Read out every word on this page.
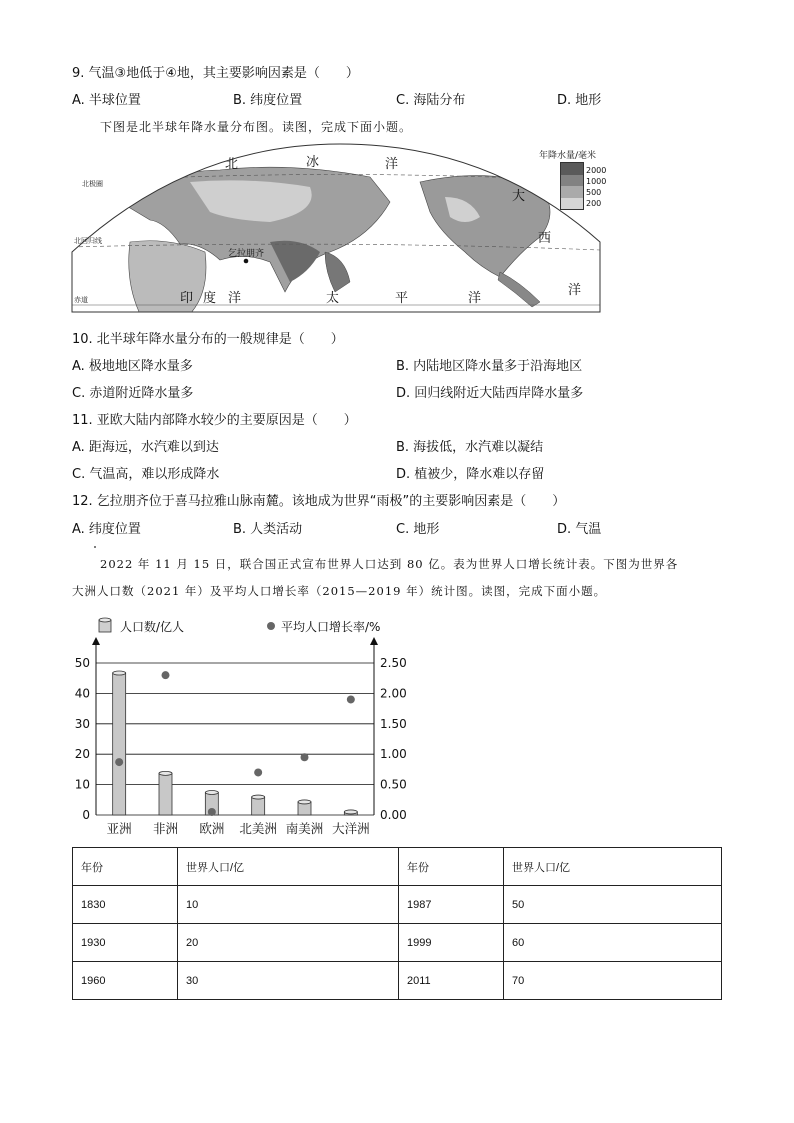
9. 气温③地低于④地，其主要影响因素是（　　）
A. 半球位置	B. 纬度位置	C. 海陆分布	D. 地形
下图是北半球年降水量分布图。读图，完成下面小题。
北极圈
北回归线
赤道
北	冰	洋
大
西
洋
印 度 洋	太	平	洋
乞拉朋齐
年降水量/毫米
2000
1000
500
200
10. 北半球年降水量分布的一般规律是（　　）
A. 极地地区降水量多	B. 内陆地区降水量多于沿海地区
C. 赤道附近降水量多	D. 回归线附近大陆西岸降水量多
11. 亚欧大陆内部降水较少的主要原因是（　　）
A. 距海远，水汽难以到达	B. 海拔低，水汽难以凝结
C. 气温高，难以形成降水	D. 植被少，降水难以存留
12. 乞拉朋齐位于喜马拉雅山脉南麓。该地成为世界“雨极”的主要影响因素是（　　）
A. 纬度位置	B. 人类活动	C. 地形	D. 气温
2022 年 11 月 15 日，联合国正式宣布世界人口达到 80 亿。表为世界人口增长统计表。下图为世界各
大洲人口数（2021 年）及平均人口增长率（2015—2019 年）统计图。读图，完成下面小题。
人口数/亿人	平均人口增长率/%
0
10
20
30
40
50
0.00
0.50
1.00
1.50
2.00
2.50
亚洲 非洲 欧洲 北美洲 南美洲 大洋洲
年份	世界人口/亿	年份	世界人口/亿
1830	10	1987	50
1930	20	1999	60
1960	30	2011	70
